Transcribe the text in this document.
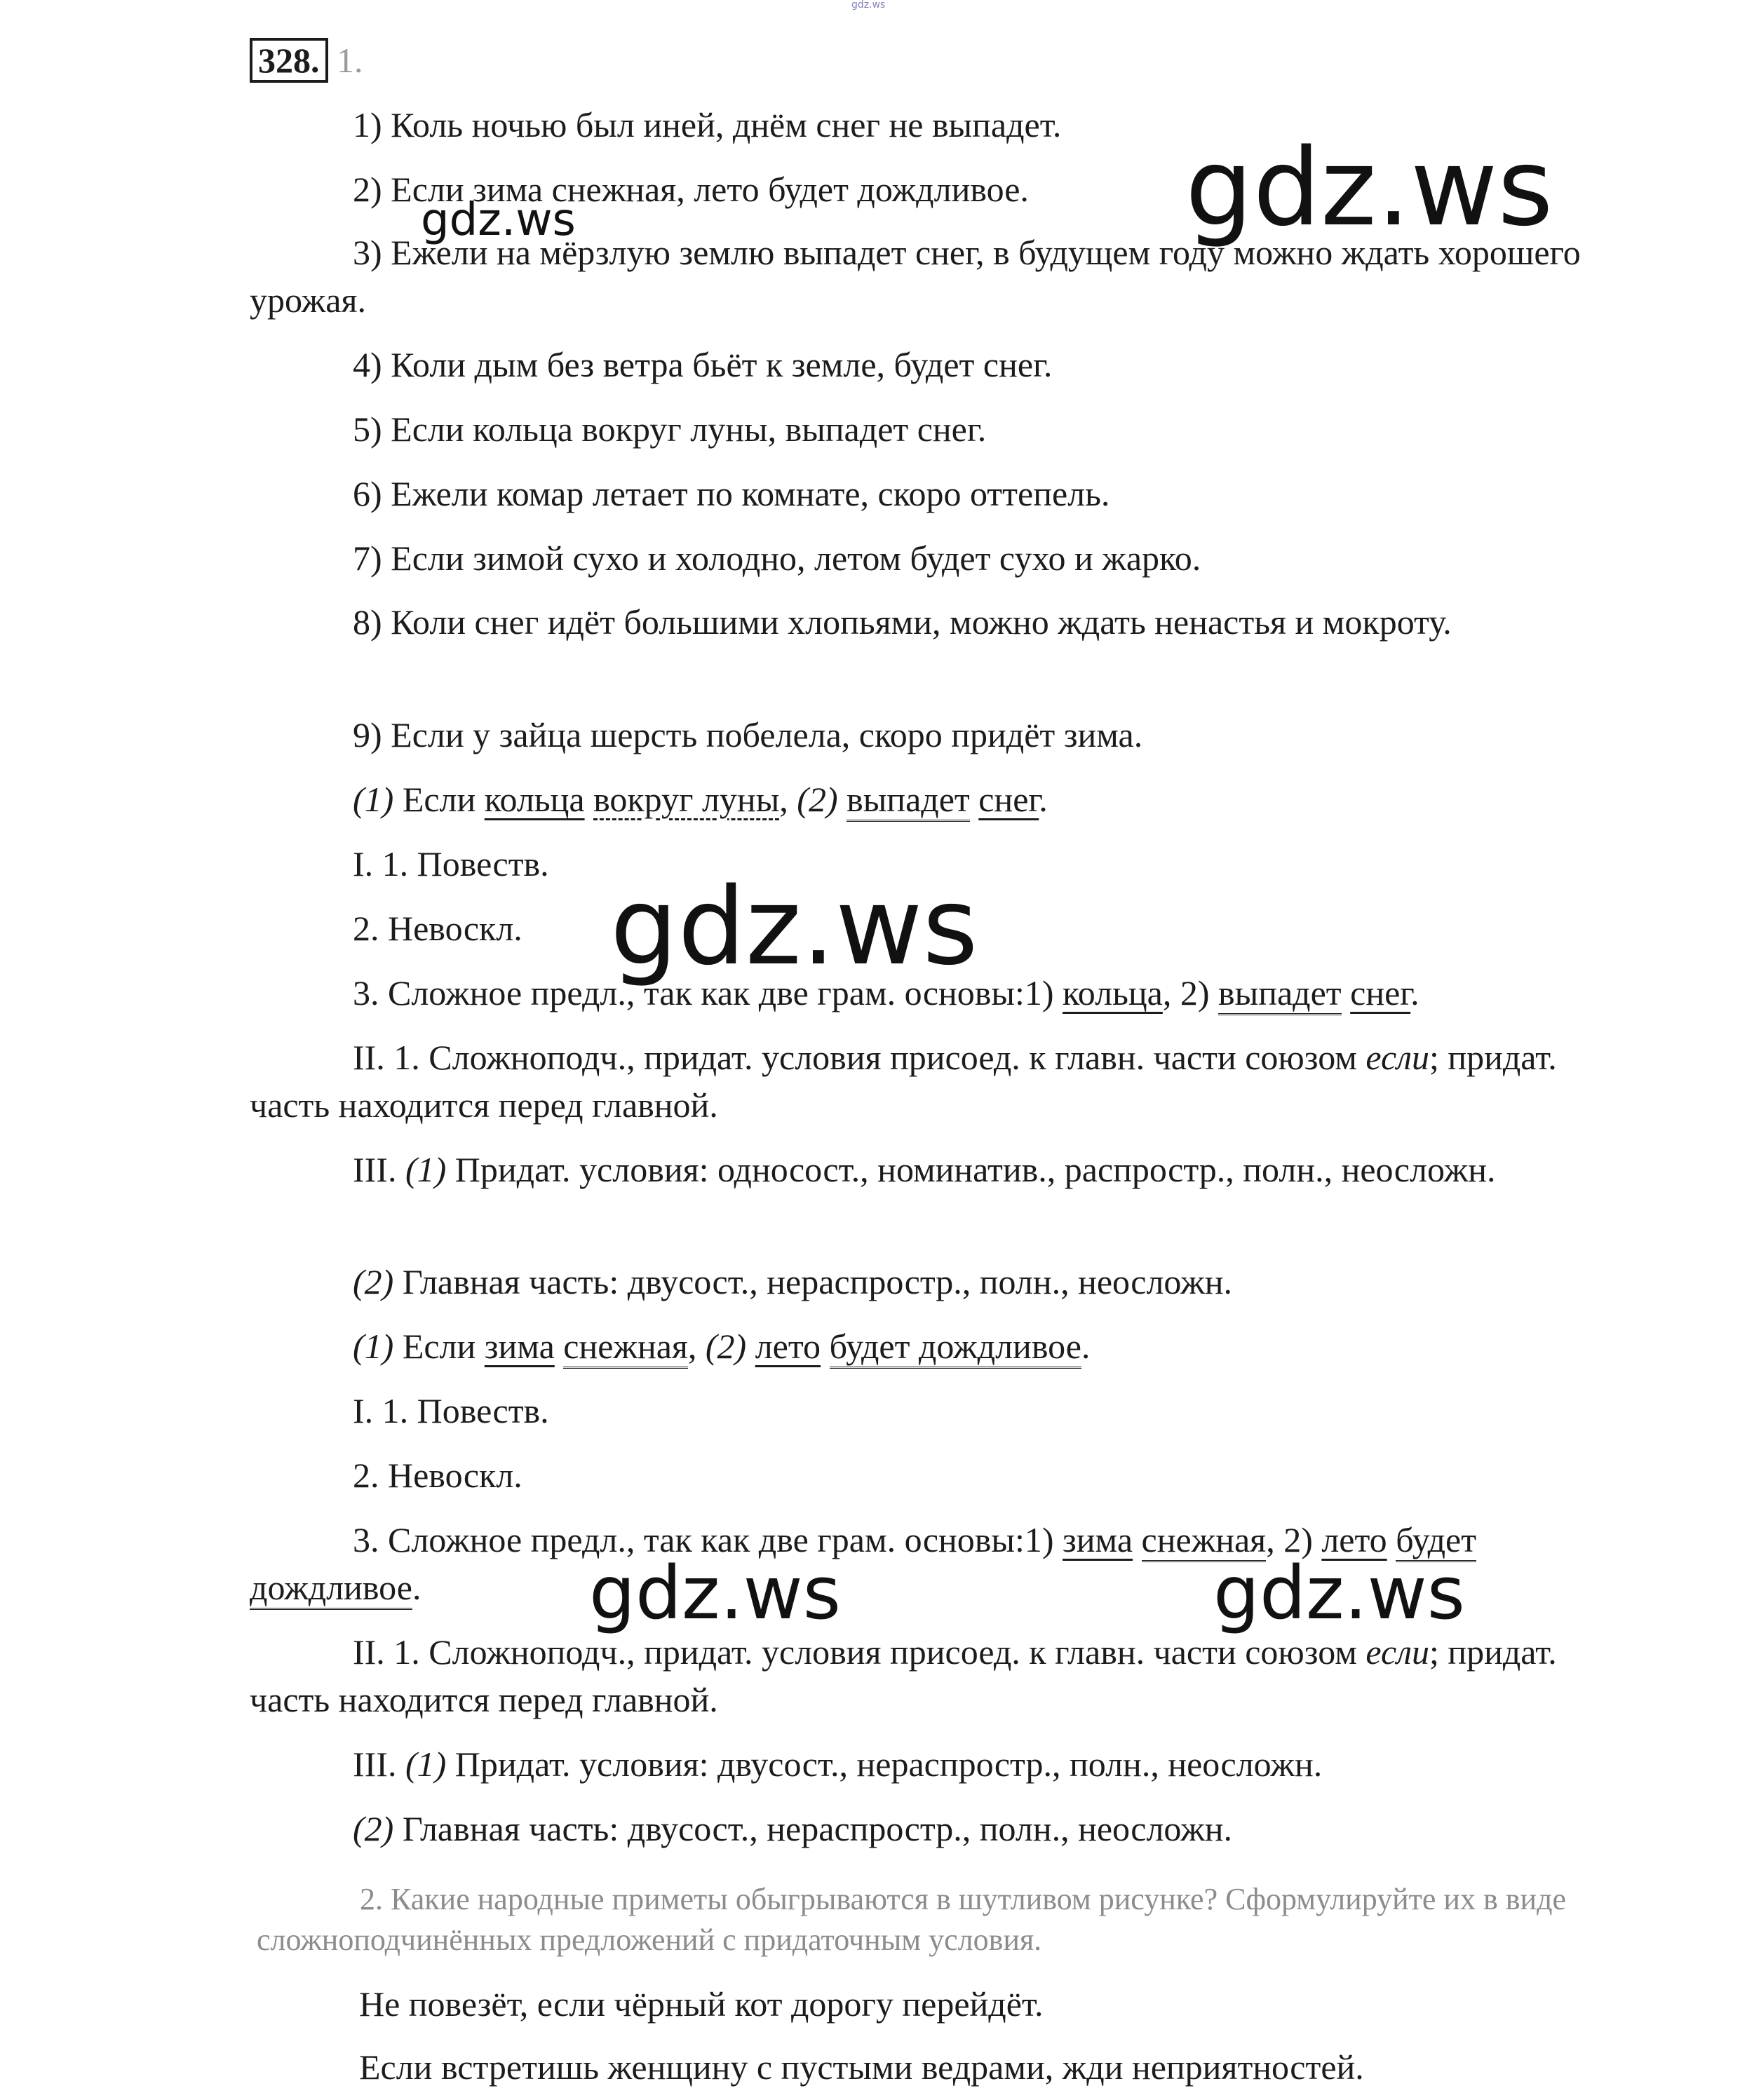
gdz.ws
328. 1.
1) Коль ночью был иней, днём снег не выпадет.
2) Если зима снежная, лето будет дождливое.
3) Ежели на мёрзлую землю выпадет снег, в будущем году можно ждать хорошего урожая.
4) Коли дым без ветра бьёт к земле, будет снег.
5) Если кольца вокруг луны, выпадет снег.
6) Ежели комар летает по комнате, скоро оттепель.
7) Если зимой сухо и холодно, летом будет сухо и жарко.
8) Коли снег идёт большими хлопьями, можно ждать ненастья и мокроту.
9) Если у зайца шерсть побелела, скоро придёт зима.
(1) Если кольца вокруг луны, (2) выпадет снег.
I. 1. Повеств.
2. Невоскл.
3. Сложное предл., так как две грам. основы:1) кольца, 2) выпадет снег.
II. 1. Сложноподч., придат. условия присоед. к главн. части союзом если; придат. часть находится перед главной.
III. (1) Придат. условия: односост., номинатив., распростр., полн., неосложн.
(2) Главная часть: двусост., нераспростр., полн., неосложн.
(1) Если зима снежная, (2) лето будет дождливое.
I. 1. Повеств.
2. Невоскл.
3. Сложное предл., так как две грам. основы:1) зима снежная, 2) лето будет дождливое.
II. 1. Сложноподч., придат. условия присоед. к главн. части союзом если; придат. часть находится перед главной.
III. (1) Придат. условия: двусост., нераспростр., полн., неосложн.
(2) Главная часть: двусост., нераспростр., полн., неосложн.
2. Какие народные приметы обыгрываются в шутливом рисунке? Сформулируйте их в виде сложноподчинённых предложений с придаточным условия.
Не повезёт, если чёрный кот дорогу перейдёт.
Если встретишь женщину с пустыми ведрами, жди неприятностей.
gdz.ws
gdz.ws
gdz.ws
gdz.ws	gdz.ws
